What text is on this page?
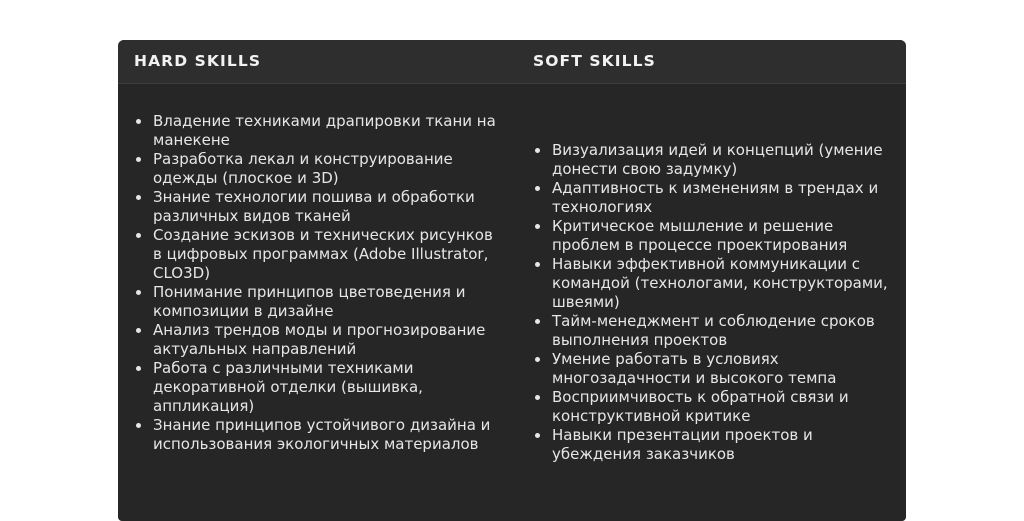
HARD SKILLS	SOFT SKILLS
Владение техниками драпировки ткани на манекене
Разработка лекал и конструирование одежды (плоское и 3D)
Знание технологии пошива и обработки различных видов тканей
Создание эскизов и технических рисунков в цифровых программах (Adobe Illustrator, CLO3D)
Понимание принципов цветоведения и композиции в дизайне
Анализ трендов моды и прогнозирование актуальных направлений
Работа с различными техниками декоративной отделки (вышивка, аппликация)
Знание принципов устойчивого дизайна и использования экологичных материалов
Визуализация идей и концепций (умение донести свою задумку)
Адаптивность к изменениям в трендах и технологиях
Критическое мышление и решение проблем в процессе проектирования
Навыки эффективной коммуникации с командой (технологами, конструкторами, швеями)
Тайм-менеджмент и соблюдение сроков выполнения проектов
Умение работать в условиях многозадачности и высокого темпа
Восприимчивость к обратной связи и конструктивной критике
Навыки презентации проектов и убеждения заказчиков
